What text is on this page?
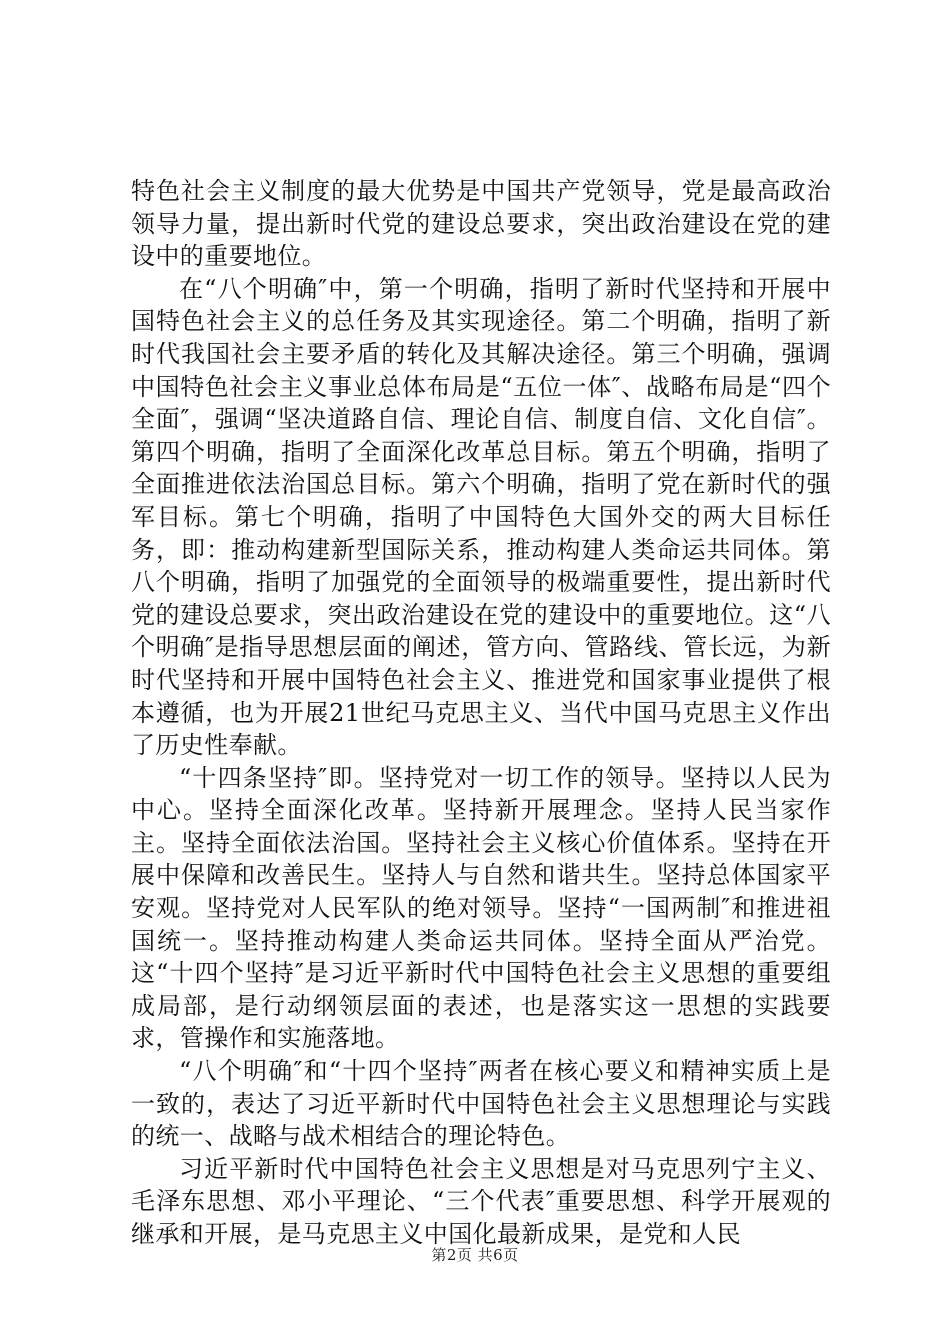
特色社会主义制度的最大优势是中国共产党领导，党是最高政治领导力量，提出新时代党的建设总要求，突出政治建设在党的建设中的重要地位。

在“八个明确″中，第一个明确，指明了新时代坚持和开展中国特色社会主义的总任务及其实现途径。第二个明确，指明了新时代我国社会主要矛盾的转化及其解决途径。第三个明确，强调中国特色社会主义事业总体布局是“五位一体″、战略布局是“四个全面″，强调“坚决道路自信、理论自信、制度自信、文化自信″。第四个明确，指明了全面深化改革总目标。第五个明确，指明了全面推进依法治国总目标。第六个明确，指明了党在新时代的强军目标。第七个明确，指明了中国特色大国外交的两大目标任务，即：推动构建新型国际关系，推动构建人类命运共同体。第八个明确，指明了加强党的全面领导的极端重要性，提出新时代党的建设总要求，突出政治建设在党的建设中的重要地位。这“八个明确″是指导思想层面的阐述，管方向、管路线、管长远，为新时代坚持和开展中国特色社会主义、推进党和国家事业提供了根本遵循，也为开展21世纪马克思主义、当代中国马克思主义作出了历史性奉献。

“十四条坚持″即。坚持党对一切工作的领导。坚持以人民为中心。坚持全面深化改革。坚持新开展理念。坚持人民当家作主。坚持全面依法治国。坚持社会主义核心价值体系。坚持在开展中保障和改善民生。坚持人与自然和谐共生。坚持总体国家平安观。坚持党对人民军队的绝对领导。坚持“一国两制″和推进祖国统一。坚持推动构建人类命运共同体。坚持全面从严治党。这“十四个坚持″是习近平新时代中国特色社会主义思想的重要组成局部，是行动纲领层面的表述，也是落实这一思想的实践要求，管操作和实施落地。

“八个明确″和“十四个坚持″两者在核心要义和精神实质上是一致的，表达了习近平新时代中国特色社会主义思想理论与实践的统一、战略与战术相结合的理论特色。

习近平新时代中国特色社会主义思想是对马克思列宁主义、毛泽东思想、邓小平理论、“三个代表″重要思想、科学开展观的继承和开展，是马克思主义中国化最新成果，是党和人民

第2页 共6页
